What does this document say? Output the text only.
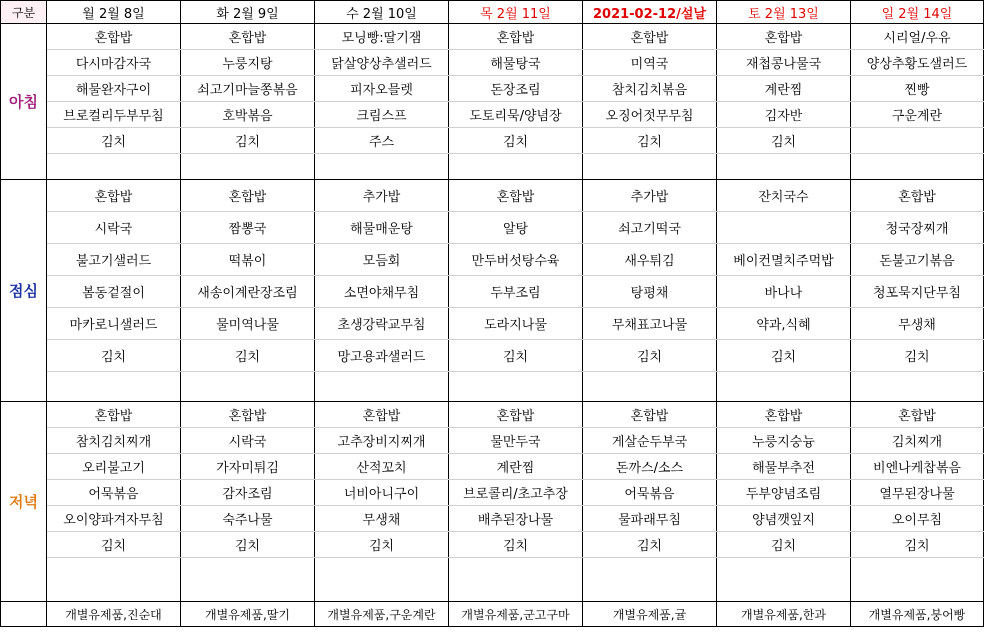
구분	월 2월 8일	화 2월 9일	수 2월 10일	목 2월 11일	2021-02-12/설날	토 2월 13일	일 2월 14일
아침	혼합밥	혼합밥	모닝빵:딸기잼	혼합밥	혼합밥	혼합밥	시리얼/우유
	다시마감자국	누룽지탕	닭살양상추샐러드	해물탕국	미역국	재첩콩나물국	양상추황도샐러드
	해물완자구이	쇠고기마늘쫑볶음	피자오믈렛	돈장조림	참치김치볶음	계란찜	찐빵
	브로컬리두부무침	호박볶음	크림스프	도토리묵/양념장	오징어젓무무침	김자반	구운계란
	김치	김치	주스	김치	김치	김치	

점심	혼합밥	혼합밥	추가밥	혼합밥	추가밥	잔치국수	혼합밥
	시락국	짬뽕국	해물매운탕	알탕	쇠고기떡국		청국장찌개
	불고기샐러드	떡볶이	모듬회	만두버섯탕수육	새우튀김	베이컨멸치주먹밥	돈불고기볶음
	봄동겉절이	새송이계란장조림	소면야채무침	두부조림	탕평채	바나나	청포묵지단무침
	마카로니샐러드	물미역나물	초생강락교무침	도라지나물	무채표고나물	약과,식혜	무생채
	김치	김치	망고용과샐러드	김치	김치	김치	김치

저녁	혼합밥	혼합밥	혼합밥	혼합밥	혼합밥	혼합밥	혼합밥
	참치김치찌개	시락국	고추장비지찌개	물만두국	게살순두부국	누룽지숭늉	김치찌개
	오리불고기	가자미튀김	산적꼬치	계란찜	돈까스/소스	해물부추전	비엔나케찹볶음
	어묵볶음	감자조림	너비아니구이	브로콜리/초고추장	어묵볶음	두부양념조림	열무된장나물
	오이양파겨자무침	숙주나물	무생채	배추된장나물	물파래무침	양념깻잎지	오이무침
	김치	김치	김치	김치	김치	김치	김치

	개별유제품,진순대	개별유제품,딸기	개별유제품,구운계란	개별유제품,군고구마	개별유제품,귤	개별유제품,한과	개별유제품,붕어빵
